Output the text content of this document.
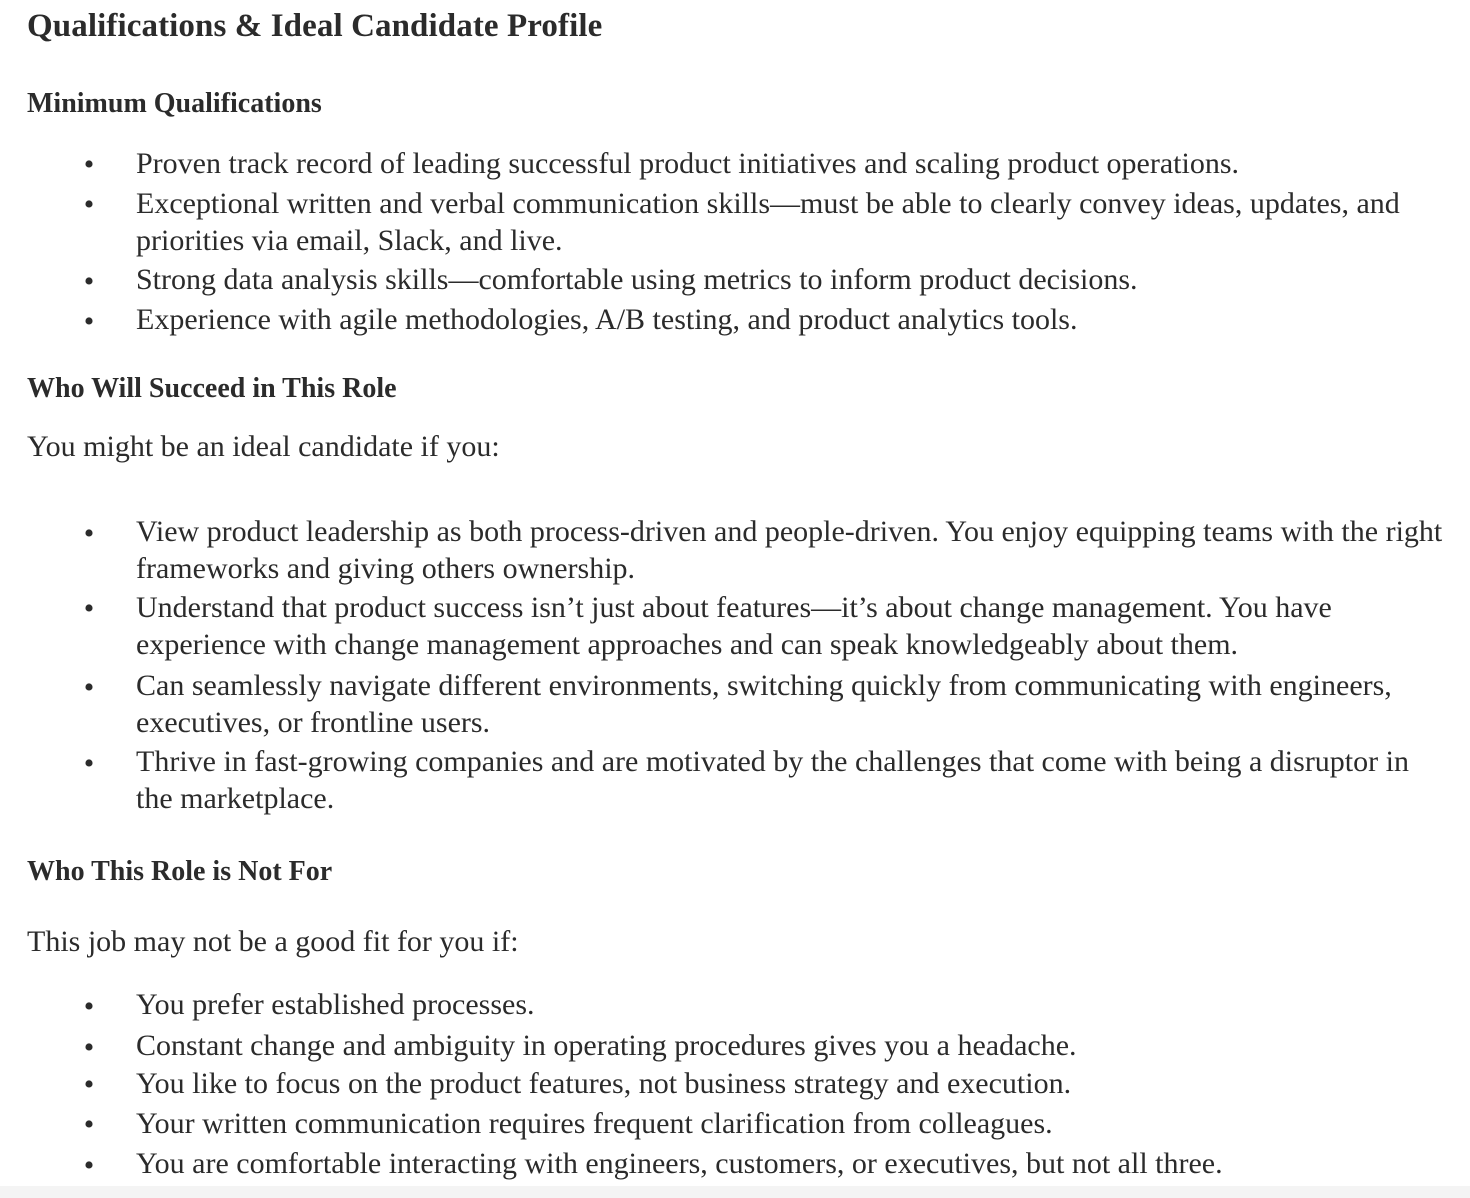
Qualifications & Ideal Candidate Profile
Minimum Qualifications
• Proven track record of leading successful product initiatives and scaling product operations.
• Exceptional written and verbal communication skills—must be able to clearly convey ideas, updates, and priorities via email, Slack, and live.
• Strong data analysis skills—comfortable using metrics to inform product decisions.
• Experience with agile methodologies, A/B testing, and product analytics tools.
Who Will Succeed in This Role
You might be an ideal candidate if you:
• View product leadership as both process-driven and people-driven. You enjoy equipping teams with the right frameworks and giving others ownership.
• Understand that product success isn’t just about features—it’s about change management. You have experience with change management approaches and can speak knowledgeably about them.
• Can seamlessly navigate different environments, switching quickly from communicating with engineers, executives, or frontline users.
• Thrive in fast-growing companies and are motivated by the challenges that come with being a disruptor in the marketplace.
Who This Role is Not For
This job may not be a good fit for you if:
• You prefer established processes.
• Constant change and ambiguity in operating procedures gives you a headache.
• You like to focus on the product features, not business strategy and execution.
• Your written communication requires frequent clarification from colleagues.
• You are comfortable interacting with engineers, customers, or executives, but not all three.
